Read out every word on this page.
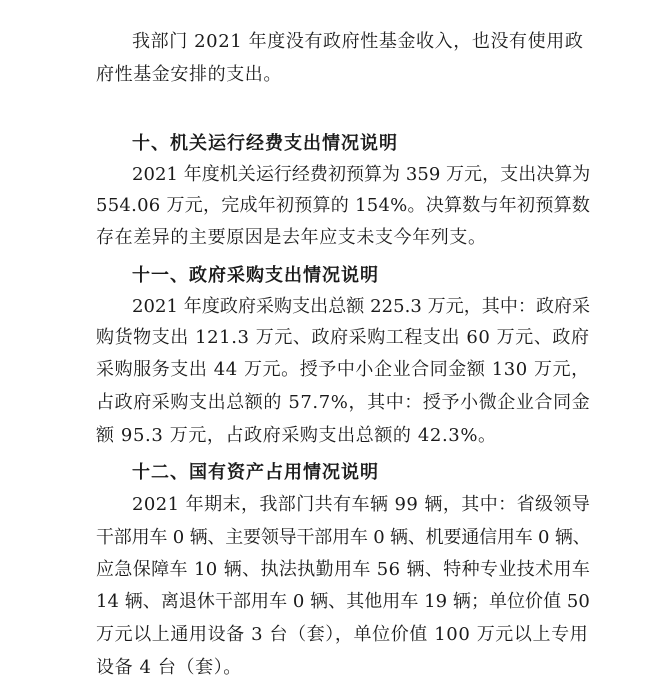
我部门 2021 年度没有政府性基金收入，也没有使用政
府性基金安排的支出。
十、机关运行经费支出情况说明
2021 年度机关运行经费初预算为 359 万元，支出决算为
554.06 万元，完成年初预算的 154%。决算数与年初预算数
存在差异的主要原因是去年应支未支今年列支。
十一、政府采购支出情况说明
2021 年度政府采购支出总额 225.3 万元，其中：政府采
购货物支出 121.3 万元、政府采购工程支出 60 万元、政府
采购服务支出 44 万元。授予中小企业合同金额 130 万元，
占政府采购支出总额的 57.7%，其中：授予小微企业合同金
额 95.3 万元，占政府采购支出总额的 42.3%。
十二、国有资产占用情况说明
2021 年期末，我部门共有车辆 99 辆，其中：省级领导
干部用车 0 辆、主要领导干部用车 0 辆、机要通信用车 0 辆、
应急保障车 10 辆、执法执勤用车 56 辆、特种专业技术用车
14 辆、离退休干部用车 0 辆、其他用车 19 辆；单位价值 50
万元以上通用设备 3 台（套），单位价值 100 万元以上专用
设备 4 台（套）。
